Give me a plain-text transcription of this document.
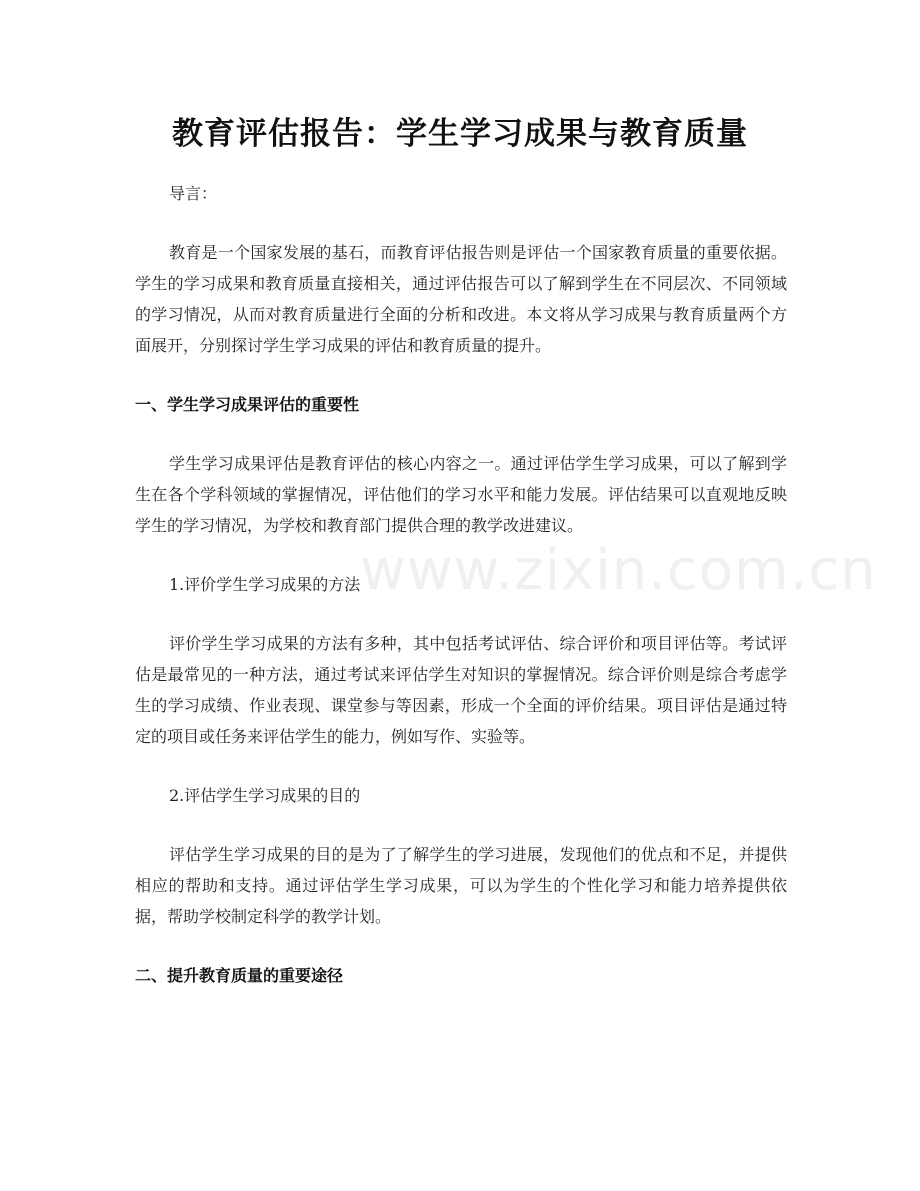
教育评估报告：学生学习成果与教育质量

导言：

教育是一个国家发展的基石，而教育评估报告则是评估一个国家教育质量的重要依据。学生的学习成果和教育质量直接相关，通过评估报告可以了解到学生在不同层次、不同领域的学习情况，从而对教育质量进行全面的分析和改进。本文将从学习成果与教育质量两个方面展开，分别探讨学生学习成果的评估和教育质量的提升。

一、学生学习成果评估的重要性

学生学习成果评估是教育评估的核心内容之一。通过评估学生学习成果，可以了解到学生在各个学科领域的掌握情况，评估他们的学习水平和能力发展。评估结果可以直观地反映学生的学习情况，为学校和教育部门提供合理的教学改进建议。

1.评价学生学习成果的方法

评价学生学习成果的方法有多种，其中包括考试评估、综合评价和项目评估等。考试评估是最常见的一种方法，通过考试来评估学生对知识的掌握情况。综合评价则是综合考虑学生的学习成绩、作业表现、课堂参与等因素，形成一个全面的评价结果。项目评估是通过特定的项目或任务来评估学生的能力，例如写作、实验等。

2.评估学生学习成果的目的

评估学生学习成果的目的是为了了解学生的学习进展，发现他们的优点和不足，并提供相应的帮助和支持。通过评估学生学习成果，可以为学生的个性化学习和能力培养提供依据，帮助学校制定科学的教学计划。

二、提升教育质量的重要途径

www.zixin.com.cn
